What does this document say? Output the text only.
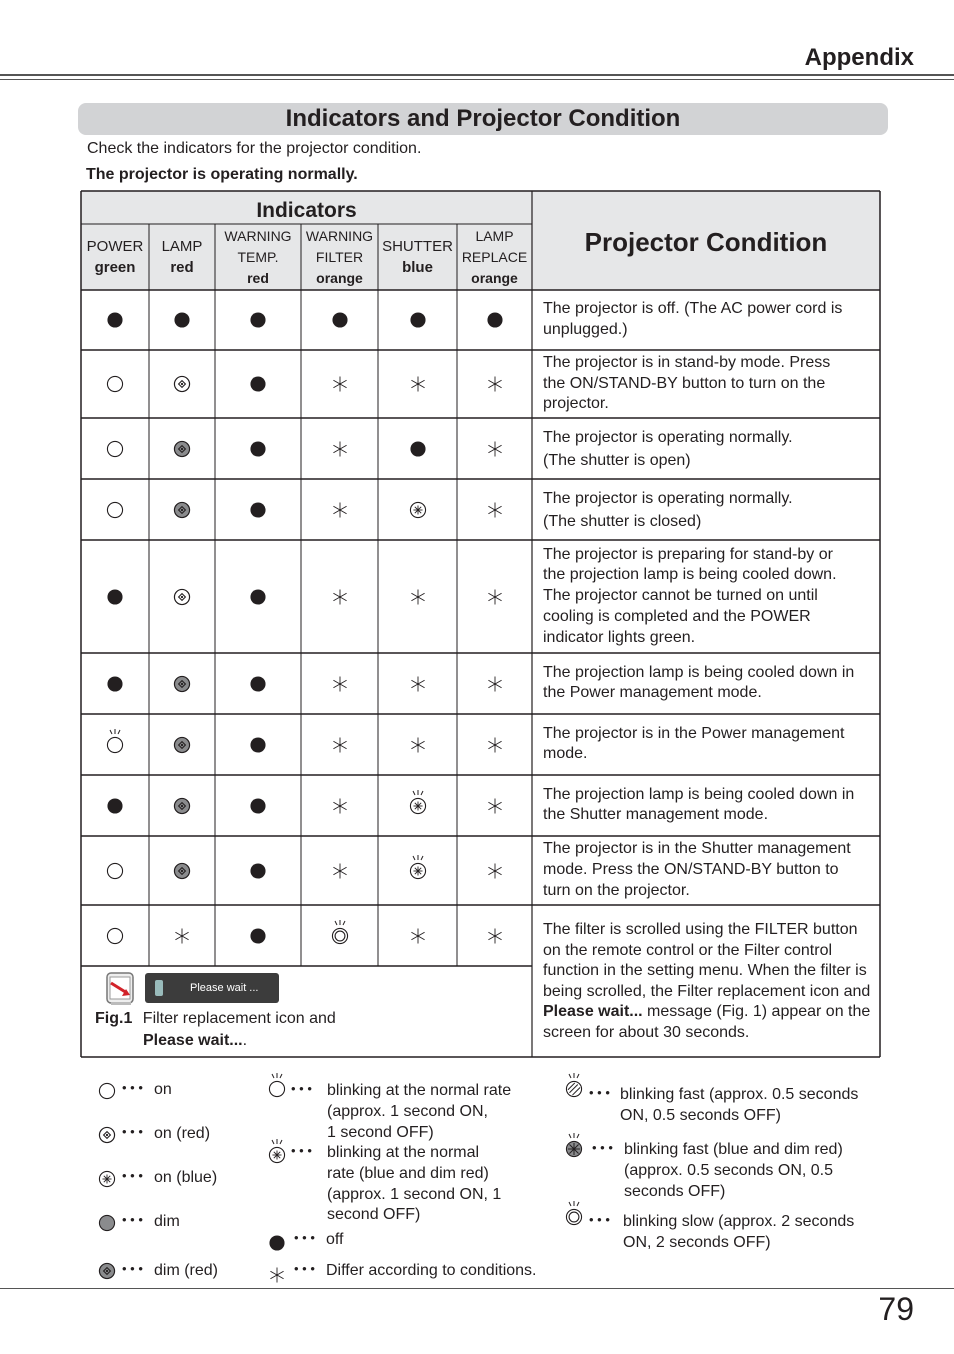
Appendix
Indicators and Projector Condition
Check the indicators for the projector condition.
The projector is operating normally.
Indicators
Projector Condition
POWER
green
LAMP
red
WARNING
TEMP.
red
WARNING
FILTER
orange
SHUTTER
blue
LAMP
REPLACE
orange
The projector is off. (The AC power cord is
unplugged.)
The projector is in stand-by mode. Press
the ON/STAND-BY button to turn on the
projector.
The projector is operating normally.
(The shutter is open)
The projector is operating normally.
(The shutter is closed)
The projector is preparing for stand-by or
the projection lamp is being cooled down.
The projector cannot be turned on until
cooling is completed and the POWER
indicator lights green.
The projection lamp is being cooled down in
the Power management mode.
The projector is in the Power management
mode.
The projection lamp is being cooled down in
the Shutter management mode.
The projector is in the Shutter management
mode. Press the ON/STAND-BY button to
turn on the projector.
The filter is scrolled using the FILTER button on the remote control or the Filter control function in the setting menu. When the filter is being scrolled, the Filter replacement icon and Please wait... message (Fig. 1) appear on the screen for about 30 seconds.
Please wait ...
Fig.1 Filter replacement icon and
Please wait....
• • • on
• • • on (red)
• • • on (blue)
• • • dim
• • • dim (red)
• • • blinking at the normal rate
(approx. 1 second ON,
1 second OFF)
• • • blinking at the normal
rate (blue and dim red)
(approx. 1 second ON, 1
second OFF)
• • • off
• • • Differ according to conditions.
• • • blinking fast (approx. 0.5 seconds
ON, 0.5 seconds OFF)
• • • blinking fast (blue and dim red)
(approx. 0.5 seconds ON, 0.5
seconds OFF)
• • • blinking slow (approx. 2 seconds
ON, 2 seconds OFF)
79
